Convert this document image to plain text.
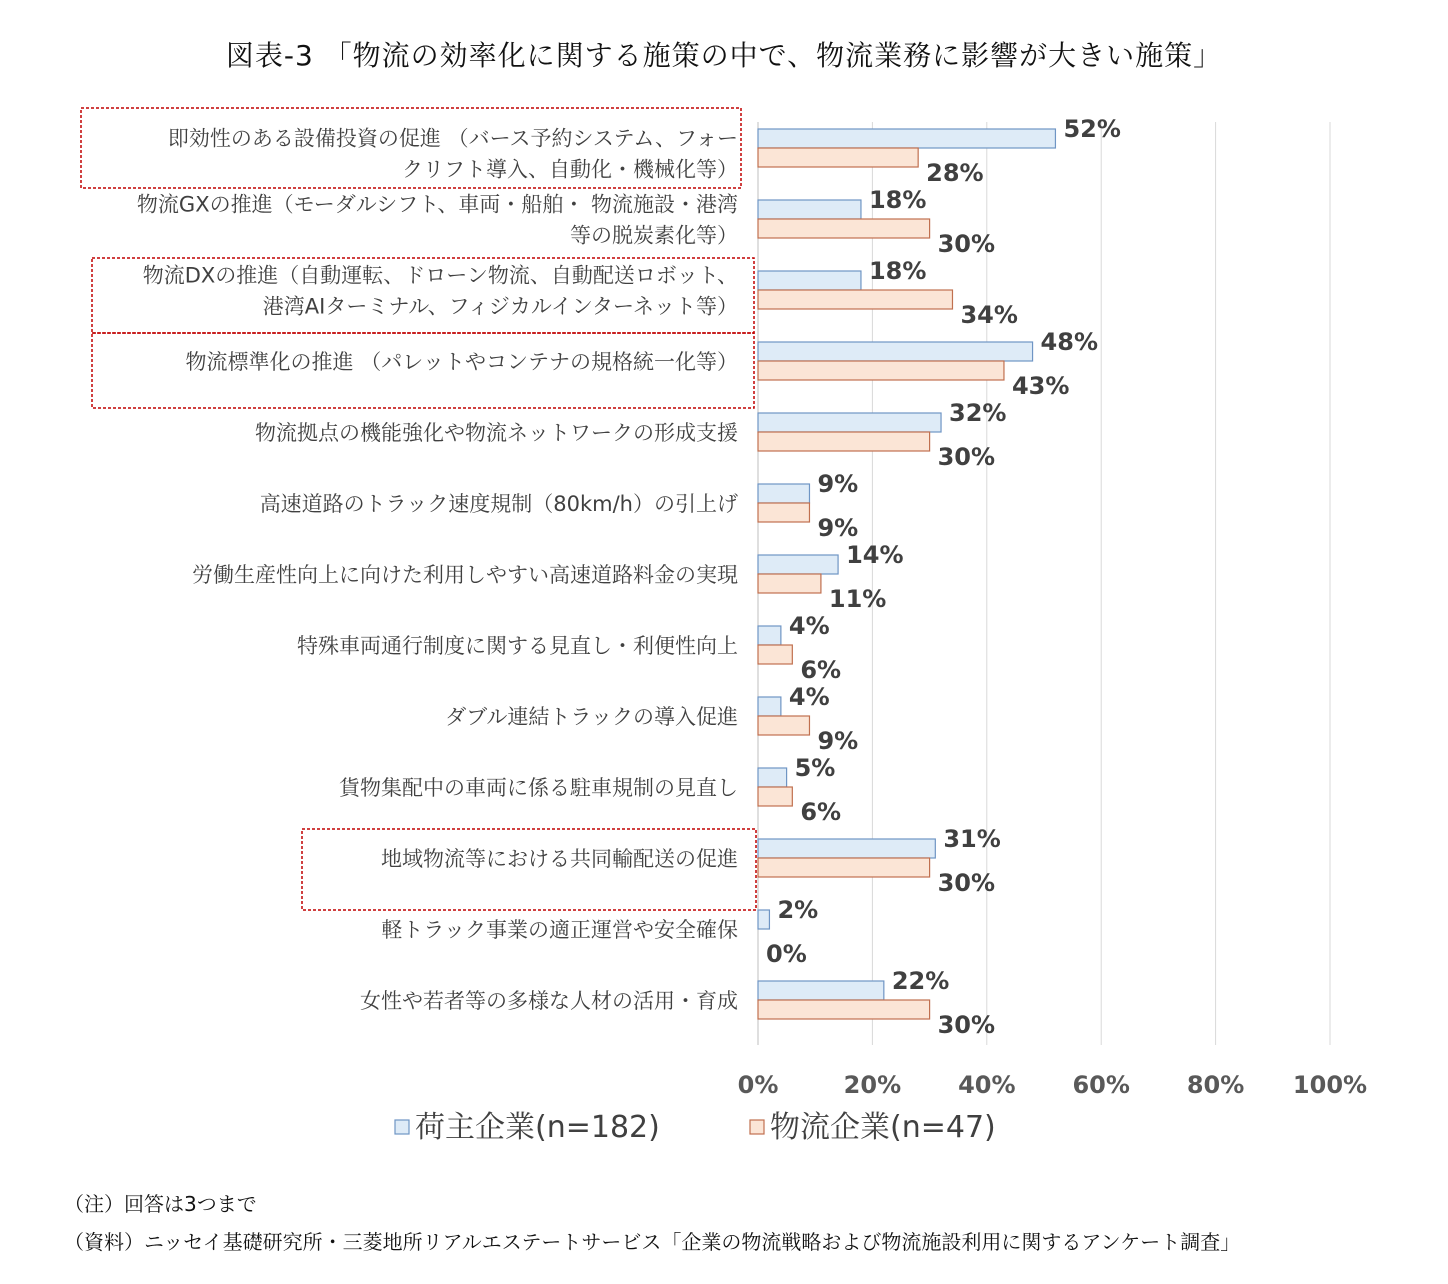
図表-3 「物流の効率化に関する施策の中で、物流業務に影響が大きい施策」
0%	20% 40% 60% 80% 100%
即効性のある設備投資の促進 （バース予約システム、フォー
クリフト導入、自動化・機械化等）
物流GXの推進（モーダルシフト、車両・船舶・ 物流施設・港湾
等の脱炭素化等）
物流DXの推進（自動運転、ドローン物流、自動配送ロボット、
港湾AIターミナル、フィジカルインターネット等）
物流標準化の推進 （パレットやコンテナの規格統一化等）
物流拠点の機能強化や物流ネットワークの形成支援
高速道路のトラック速度規制（80km/h）の引上げ
労働生産性向上に向けた利用しやすい高速道路料金の実現
特殊車両通行制度に関する見直し・利便性向上
ダブル連結トラックの導入促進
貨物集配中の車両に係る駐車規制の見直し
地域物流等における共同輸配送の促進
軽トラック事業の適正運営や安全確保
女性や若者等の多様な人材の活用・育成
52%
28%
18%
30%
18%
34%
48%
43%
32%
30%
9%
9%
14%
11%
4%
6%
4%
9%
5%
6%
31%
30%
2%
0%
22%
30%
荷主企業(n=182)	物流企業(n=47)
（注）回答は3つまで
（資料）ニッセイ基礎研究所・三菱地所リアルエステートサービス「企業の物流戦略および物流施設利用に関するアンケート調査」
